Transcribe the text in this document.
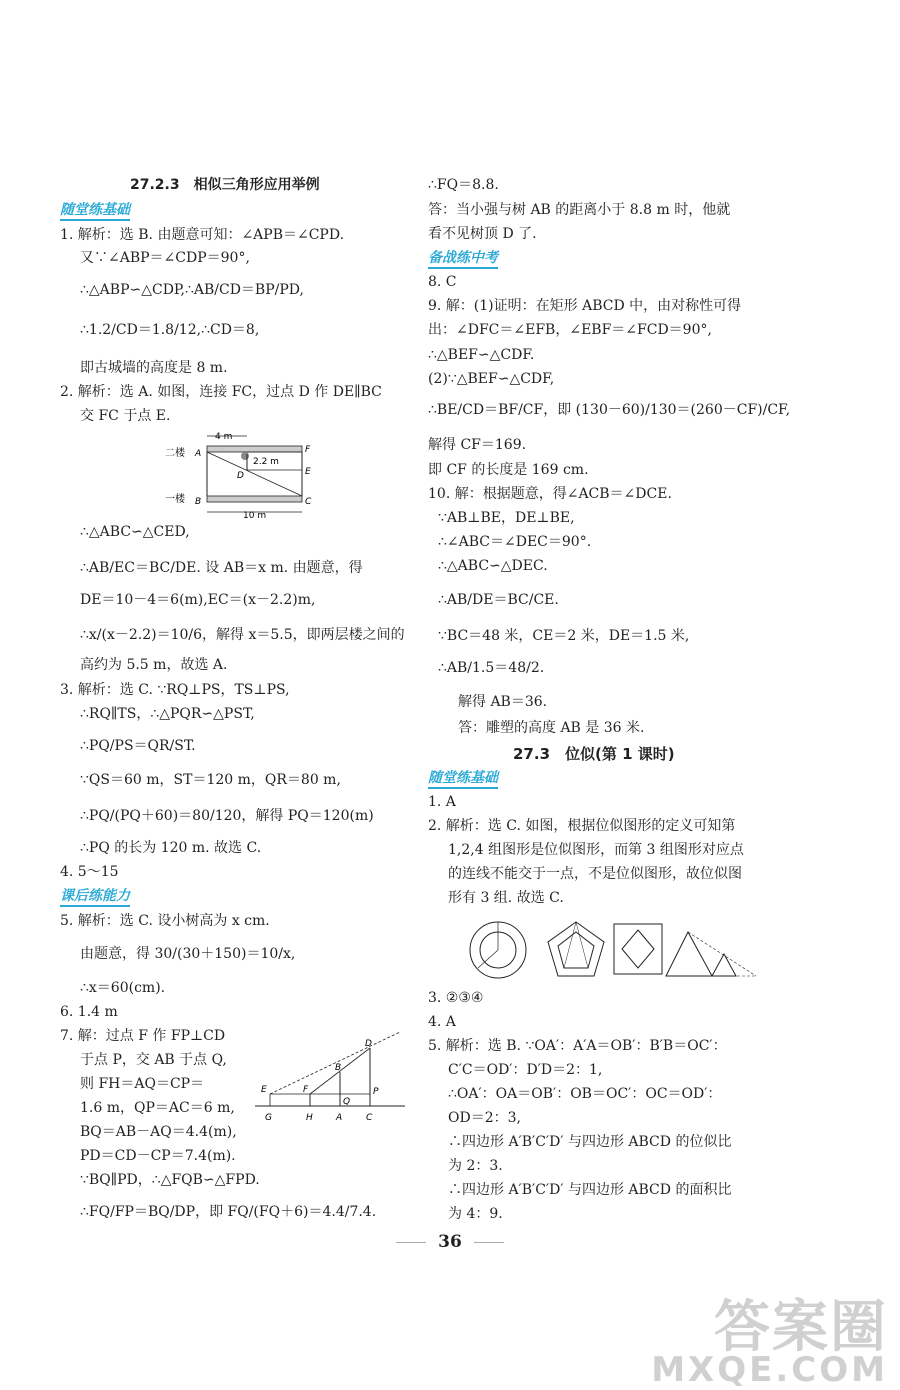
27.2.3　相似三角形应用举例
随堂练基础
1. 解析：选 B. 由题意可知：∠APB＝∠CPD.
又∵∠ABP＝∠CDP＝90°,
∴△ABP∽△CDP,∴AB/CD＝BP/PD,
∴1.2/CD＝1.8/12,∴CD＝8,
即古城墙的高度是 8 m.
2. 解析：选 A. 如图，连接 FC，过点 D 作 DE∥BC
交 FC 于点 E.
二楼
一楼
4 m
2.2 m
A
B	C
D	E
F
10 m
∴△ABC∽△CED,
∴AB/EC＝BC/DE. 设 AB＝x m. 由题意，得
DE＝10－4＝6(m),EC＝(x－2.2)m,
∴x/(x－2.2)＝10/6，解得 x＝5.5，即两层楼之间的
高约为 5.5 m，故选 A.
3. 解析：选 C. ∵RQ⊥PS，TS⊥PS,
∴RQ∥TS，∴△PQR∽△PST,
∴PQ/PS＝QR/ST.
∵QS＝60 m，ST＝120 m，QR＝80 m,
∴PQ/(PQ＋60)＝80/120，解得 PQ＝120(m)
∴PQ 的长为 120 m. 故选 C.
4. 5～15
课后练能力
5. 解析：选 C. 设小树高为 x cm.
由题意，得 30/(30＋150)＝10/x,
∴x＝60(cm).
6. 1.4 m
7. 解：过点 F 作 FP⊥CD
于点 P，交 AB 于点 Q,
则 FH＝AQ＝CP＝
1.6 m，QP＝AC＝6 m,
BQ＝AB－AQ＝4.4(m),
PD＝CD－CP＝7.4(m).
∵BQ∥PD，∴△FQB∽△FPD.
∴FQ/FP＝BQ/DP，即 FQ/(FQ＋6)＝4.4/7.4.
D
B
E	F
Q
P
G	H	A	C
∴FQ＝8.8.
答：当小强与树 AB 的距离小于 8.8 m 时，他就
看不见树顶 D 了.
备战练中考
8. C
9. 解：(1)证明：在矩形 ABCD 中，由对称性可得
出：∠DFC＝∠EFB，∠EBF＝∠FCD＝90°,
∴△BEF∽△CDF.
(2)∵△BEF∽△CDF,
∴BE/CD＝BF/CF，即 (130－60)/130＝(260－CF)/CF,
解得 CF＝169.
即 CF 的长度是 169 cm.
10. 解：根据题意，得∠ACB＝∠DCE.
∵AB⊥BE，DE⊥BE,
∴∠ABC＝∠DEC＝90°.
∴△ABC∽△DEC.
∴AB/DE＝BC/CE.
∵BC＝48 米，CE＝2 米，DE＝1.5 米,
∴AB/1.5＝48/2.
解得 AB＝36.
答：雕塑的高度 AB 是 36 米.
27.3　位似(第 1 课时)
随堂练基础
1. A
2. 解析：选 C. 如图，根据位似图形的定义可知第
1,2,4 组图形是位似图形，而第 3 组图形对应点
的连线不能交于一点，不是位似图形，故位似图
形有 3 组. 故选 C.
3. ②③④
4. A
5. 解析：选 B. ∵OA′：A′A＝OB′：B′B＝OC′：
C′C＝OD′：D′D＝2：1,
∴OA′：OA＝OB′：OB＝OC′：OC＝OD′：
OD＝2：3,
∴四边形 A′B′C′D′ 与四边形 ABCD 的位似比
为 2：3.
∴四边形 A′B′C′D′ 与四边形 ABCD 的面积比
为 4：9.
36
答案圈
MXQE.COM
